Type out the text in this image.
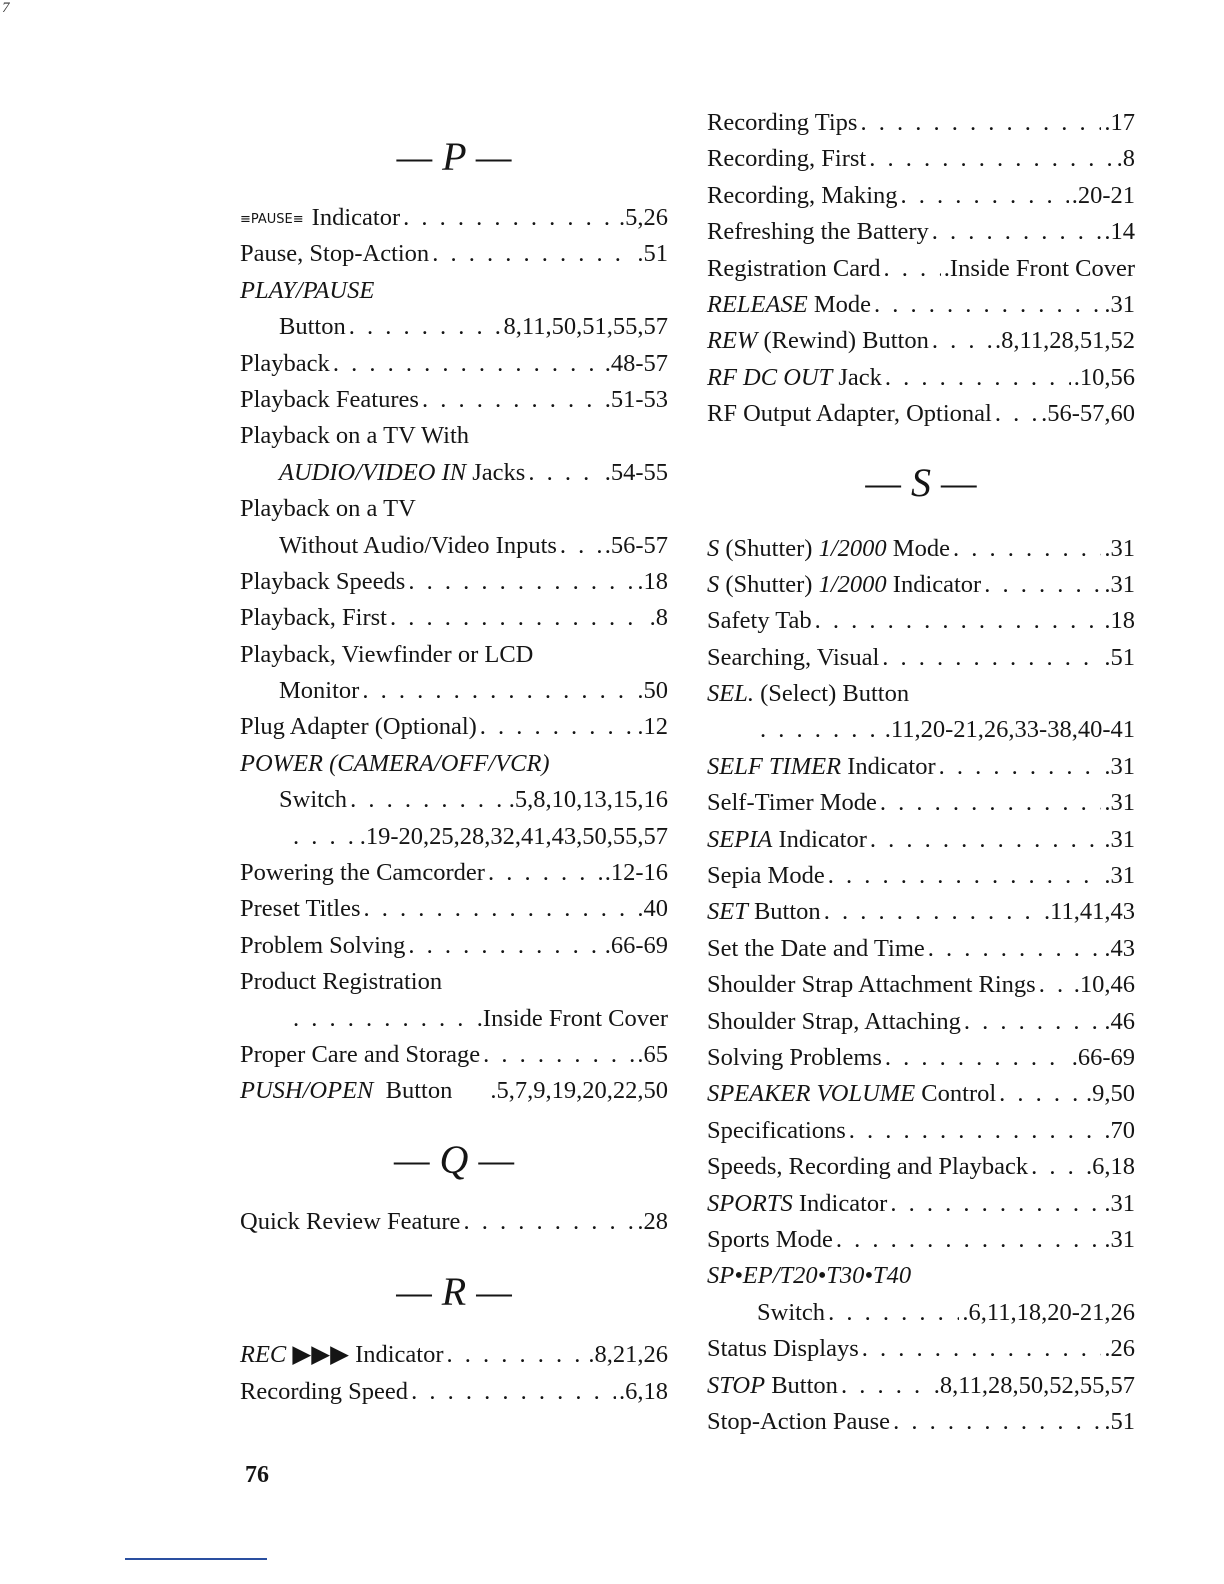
7
— P —
≡PAUSE≡ Indicator . . .	.5,26
Pause, Stop-Action . . .	.51
PLAY/PAUSE
Button . . .	8,11,50,51,55,57
Playback . . .	.48-57
Playback Features . . .	.51-53
Playback on a TV With
AUDIO/VIDEO IN Jacks . . .	.54-55
Playback on a TV
Without Audio/Video Inputs . . . .56-57
Playback Speeds . . .	.18
Playback, First . . .	.8
Playback, Viewfinder or LCD
Monitor . . .	.50
Plug Adapter (Optional) . . .	.12
POWER (CAMERA/OFF/VCR)
Switch . . .	.5,8,10,13,15,16
. . .
.19-20,25,28,32,41,43,50,55,57
Powering the Camcorder . . .	.12-16
Preset Titles . . .	.40
Problem Solving . . .	.66-69
Product Registration
. . .
.Inside Front Cover
Proper Care and Storage . . .	.65
PUSH/OPEN Button .5,7,9,19,20,22,50
— Q —
Quick Review Feature . . .	.28
— R —
REC ▶▶▶ Indicator . . .	.8,21,26
Recording Speed . . .	.6,18
Recording Tips . . .	.17
Recording, First . . .	.8
Recording, Making . . .	.20-21
Refreshing the Battery . . .	.14
Registration Card . . .	.Inside Front Cover
RELEASE Mode . . .	.31
REW (Rewind) Button . . .	.8,11,28,51,52
RF DC OUT Jack . . .	.10,56
RF Output Adapter, Optional . . . .56-57,60
— S —
S (Shutter) 1/2000 Mode . . .	.31
S (Shutter) 1/2000 Indicator . . .	.31
Safety Tab . . .	.18
Searching, Visual . . .	.51
SEL. (Select) Button
. . .
.11,20-21,26,33-38,40-41
SELF TIMER Indicator . . .	.31
Self-Timer Mode . . .	.31
SEPIA Indicator . . .	.31
Sepia Mode . . .	.31
SET Button . . .	.11,41,43
Set the Date and Time . . .	.43
Shoulder Strap Attachment Rings . . . .10,46
Shoulder Strap, Attaching . . .	.46
Solving Problems . . .	.66-69
SPEAKER VOLUME Control . . .	.9,50
Specifications . . .	.70
Speeds, Recording and Playback . . . .6,18
SPORTS Indicator . . .	.31
Sports Mode . . .	.31
SP•EP/T20•T30•T40
Switch . . .	.6,11,18,20-21,26
Status Displays . . .	.26
STOP Button . . .	.8,11,28,50,52,55,57
Stop-Action Pause . . .	.51
76
